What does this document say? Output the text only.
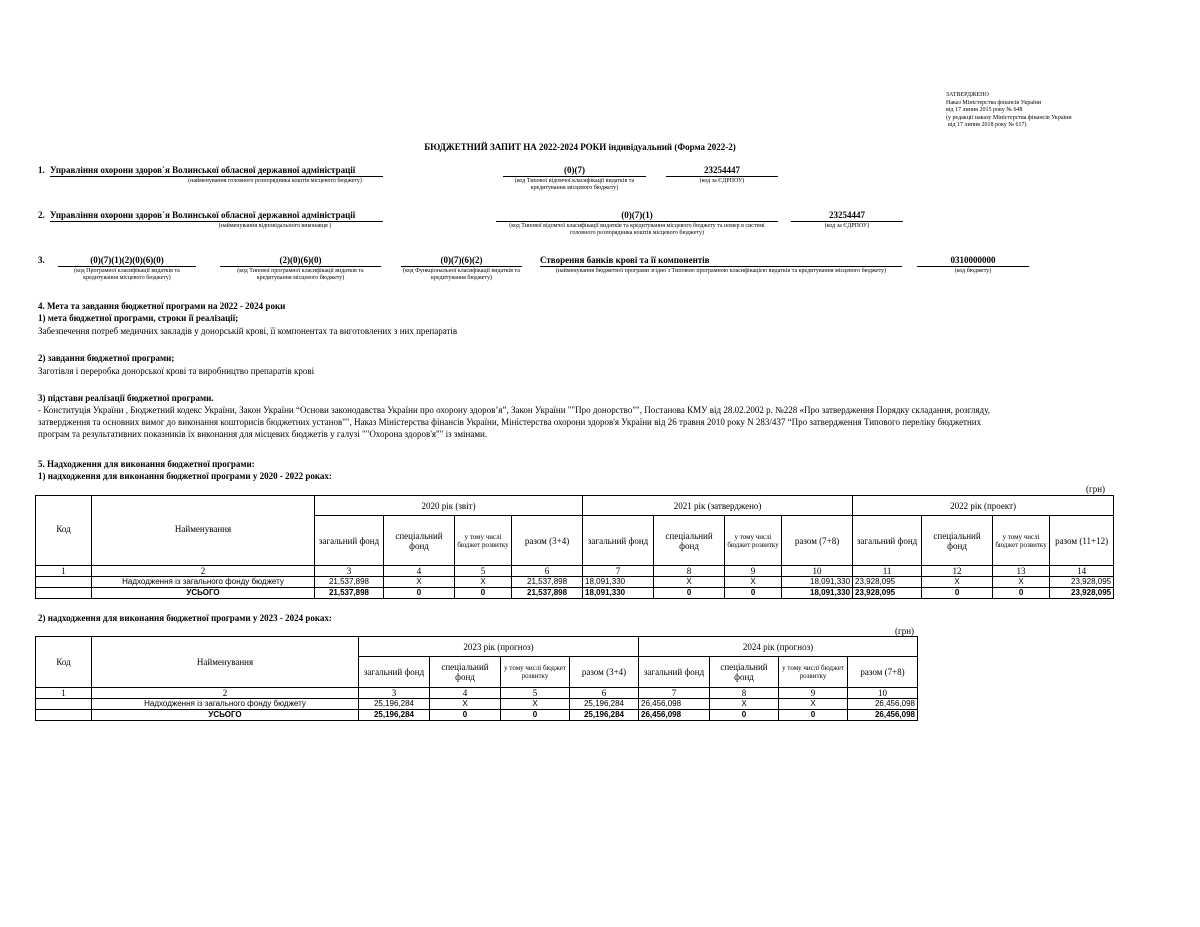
ЗАТВЕРДЖЕНО
Наказ Міністерства фінансів України
від 17 липня 2015 року № 648
(у редакції наказу Міністерства фінансів України
від 17 липня 2018 року № 617)
БЮДЖЕТНИЙ ЗАПИТ НА 2022-2024 РОКИ індивідуальний (Форма 2022-2)
1. Управління охорони здоров`я Волинської обласної державної адміністрації
(найменування головного розпорядника коштів місцевого бюджету)
(0)(7)
(код Типової відомчої класифікації видатків та кредитування місцевого бюджету)
23254447
(код за ЄДРПОУ)
2. Управління охорони здоров`я Волинської обласної державної адміністрації
(найменування відповідального виконавця )
(0)(7)(1)
(код Типової відомчої класифікації видатків та кредитування місцевого бюджету та номер в системі головного розпорядника коштів місцевого бюджету)
23254447
(код за ЄДРПОУ)
3.	(0)(7)(1)(2)(0)(6)(0)
(код Програмної класифікації видатків та кредитування місцевого бюджету)
(2)(0)(6)(0)
(код Типової програмної класифікації видатків та кредитування місцевого бюджету)
(0)(7)(6)(2)
(код Функціональної класифікації видатків та кредитування бюджету)
Створення банків крові та її компонентів
(найменування бюджетної програми згідно з Типовою програмною класифікацією видатків та кредитування місцевого бюджету)
0310000000
(код бюджету)
4. Мета та завдання бюджетної програми на 2022 - 2024 роки
1) мета бюджетної програми, строки її реалізації;
Забезпечення потреб медичних закладів у донорській крові, її компонентах та виготовлених з них препаратів
2) завдання бюджетної програми;
Заготівля і переробка донорської крові та виробництво препаратів крові
3) підстави реалізації бюджетної програми.
- Конституція України , Бюджетний кодекс України, Закон України “Основи законодавства України про охорону здоров’я”, Закон України ""Про донорство"", Постанова КМУ від 28.02.2002 р. №228 «Про затвердження Порядку складання, розгляду,
затвердження та основних вимог до виконання кошторисів бюджетних установ"", Наказ Міністерства фінансів України, Міністерства охорони здоров'я України від 26 травня 2010 року N 283/437 “Про затвердження Типового переліку бюджетних
програм та результативних показників їх виконання для місцевих бюджетів у галузі ""Охорона здоров'я"" із змінами.
5. Надходження для виконання бюджетної програми:
1) надходження для виконання бюджетної програми у 2020 - 2022 роках:
(грн)
Код	Найменування	2020 рік (звіт)				2021 рік (затверджено)				2022 рік (проект)			
		загальний фонд	спеціальний фонд	у тому числі бюджет розвитку	разом (3+4)	загальний фонд	спеціальний фонд	у тому числі бюджет розвитку	разом (7+8)	загальний фонд	спеціальний фонд	у тому числі бюджет розвитку	разом (11+12)
1	2	3	4	5	6	7	8	9	10	11	12	13	14
	Надходження із загального фонду бюджету	21,537,898	X	X	21,537,898	18,091,330	X	X	18,091,330	23,928,095	X	X	23,928,095
	УСЬОГО	21,537,898	0	0	21,537,898	18,091,330	0	0	18,091,330	23,928,095	0	0	23,928,095
2) надходження для виконання бюджетної програми у 2023 - 2024 роках:
(грн)
Код	Найменування	2023 рік (прогноз)				2024 рік (прогноз)			
		загальний фонд	спеціальний фонд	у тому числі бюджет розвитку	разом (3+4)	загальний фонд	спеціальний фонд	у тому числі бюджет розвитку	разом (7+8)
1	2	3	4	5	6	7	8	9	10
	Надходження із загального фонду бюджету	25,196,284	X	X	25,196,284	26,456,098	X	X	26,456,098
	УСЬОГО	25,196,284	0	0	25,196,284	26,456,098	0	0	26,456,098
